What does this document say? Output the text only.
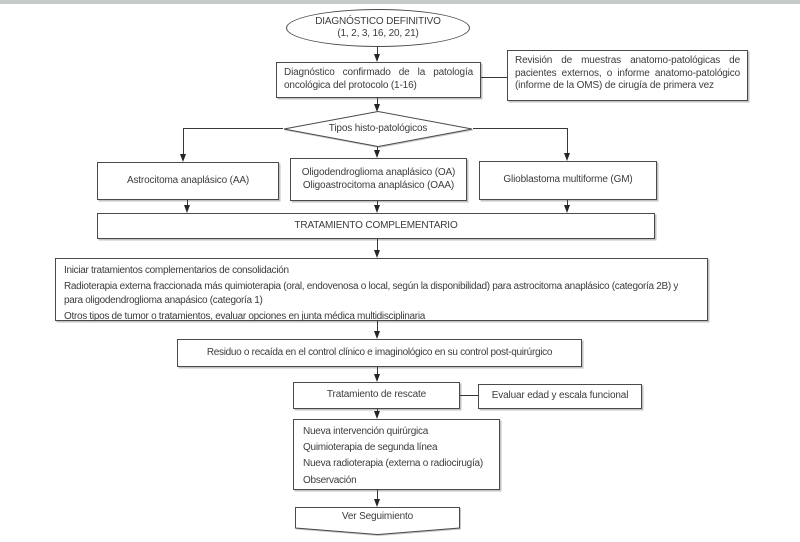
DIAGNÓSTICO DEFINITIVO
(1, 2, 3, 16, 20, 21)
Diagnóstico confirmado de la patología oncológica del protocolo (1-16)
Revisión de muestras anatomo-patológicas de pacientes externos, o informe anatomo-patológico (informe de la OMS) de cirugía de primera vez
Tipos histo-patológicos
Astrocitoma anaplásico (AA)
Oligodendroglioma anaplásico (OA)
Oligoastrocitoma anaplásico (OAA)	Glioblastoma multiforme (GM)
TRATAMIENTO COMPLEMENTARIO

Iniciar tratamientos complementarios de consolidación

Radioterapia externa fraccionada más quimioterapia (oral, endovenosa o local, según la disponibilidad) para astrocitoma anaplásico (categoría 2B) y para oligodendroglioma anapásico (categoría 1)

Otros tipos de tumor o tratamientos, evaluar opciones en junta médica multidisciplinaria

Residuo o recaída en el control clínico e imaginológico en su control post-quirúrgico
Tratamiento de rescate	Evaluar edad y escala funcional
Nueva intervención quirúrgica
Quimioterapia de segunda línea
Nueva radioterapia (externa o radiocirugía)
Observación
Ver Seguimiento
